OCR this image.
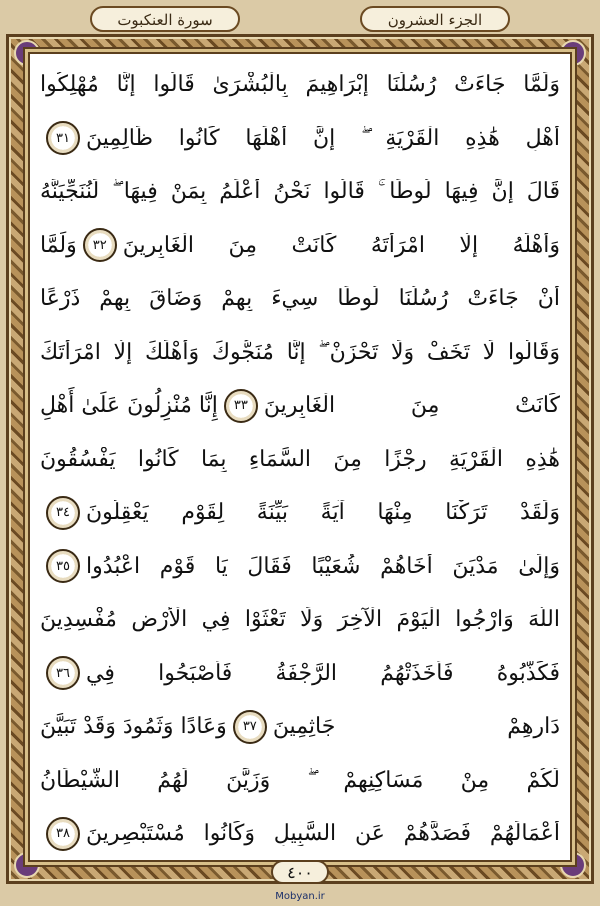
سورة العنكبوت	الجزء العشرون
وَلَمَّا جَاءَتْ رُسُلُنَا إِبْرَاهِيمَ بِالْبُشْرَىٰ قَالُوا إِنَّا مُهْلِكُوا
أَهْلِ هَٰذِهِ الْقَرْيَةِ ۖ إِنَّ أَهْلَهَا كَانُوا ظَالِمِينَ
٣١
قَالَ إِنَّ فِيهَا لُوطًا ۚ قَالُوا نَحْنُ أَعْلَمُ بِمَنْ فِيهَا ۖ لَنُنَجِّيَنَّهُ
وَأَهْلَهُ إِلَّا امْرَأَتَهُ كَانَتْ مِنَ الْغَابِرِينَ
٣٢
وَلَمَّا
أَنْ جَاءَتْ رُسُلُنَا لُوطًا سِيءَ بِهِمْ وَضَاقَ بِهِمْ ذَرْعًا
وَقَالُوا لَا تَخَفْ وَلَا تَحْزَنْ ۖ إِنَّا مُنَجُّوكَ وَأَهْلَكَ إِلَّا امْرَأَتَكَ
كَانَتْ مِنَ الْغَابِرِينَ
٣٣
إِنَّا مُنْزِلُونَ عَلَىٰ أَهْلِ
هَٰذِهِ الْقَرْيَةِ رِجْزًا مِنَ السَّمَاءِ بِمَا كَانُوا يَفْسُقُونَ
وَلَقَدْ تَرَكْنَا مِنْهَا آيَةً بَيِّنَةً لِقَوْمٍ يَعْقِلُونَ
٣٤
وَإِلَىٰ مَدْيَنَ أَخَاهُمْ شُعَيْبًا فَقَالَ يَا قَوْمِ اعْبُدُوا
٣٥
اللَّهَ وَارْجُوا الْيَوْمَ الْآخِرَ وَلَا تَعْثَوْا فِي الْأَرْضِ مُفْسِدِينَ
فَكَذَّبُوهُ فَأَخَذَتْهُمُ الرَّجْفَةُ فَأَصْبَحُوا فِي
٣٦
دَارِهِمْ جَاثِمِينَ
٣٧
وَعَادًا وَثَمُودَ وَقَدْ تَبَيَّنَ
لَكُمْ مِنْ مَسَاكِنِهِمْ ۖ وَزَيَّنَ لَهُمُ الشَّيْطَانُ
أَعْمَالَهُمْ فَصَدَّهُمْ عَنِ السَّبِيلِ وَكَانُوا مُسْتَبْصِرِينَ
٣٨
٤٠٠
Mobyan.ir
